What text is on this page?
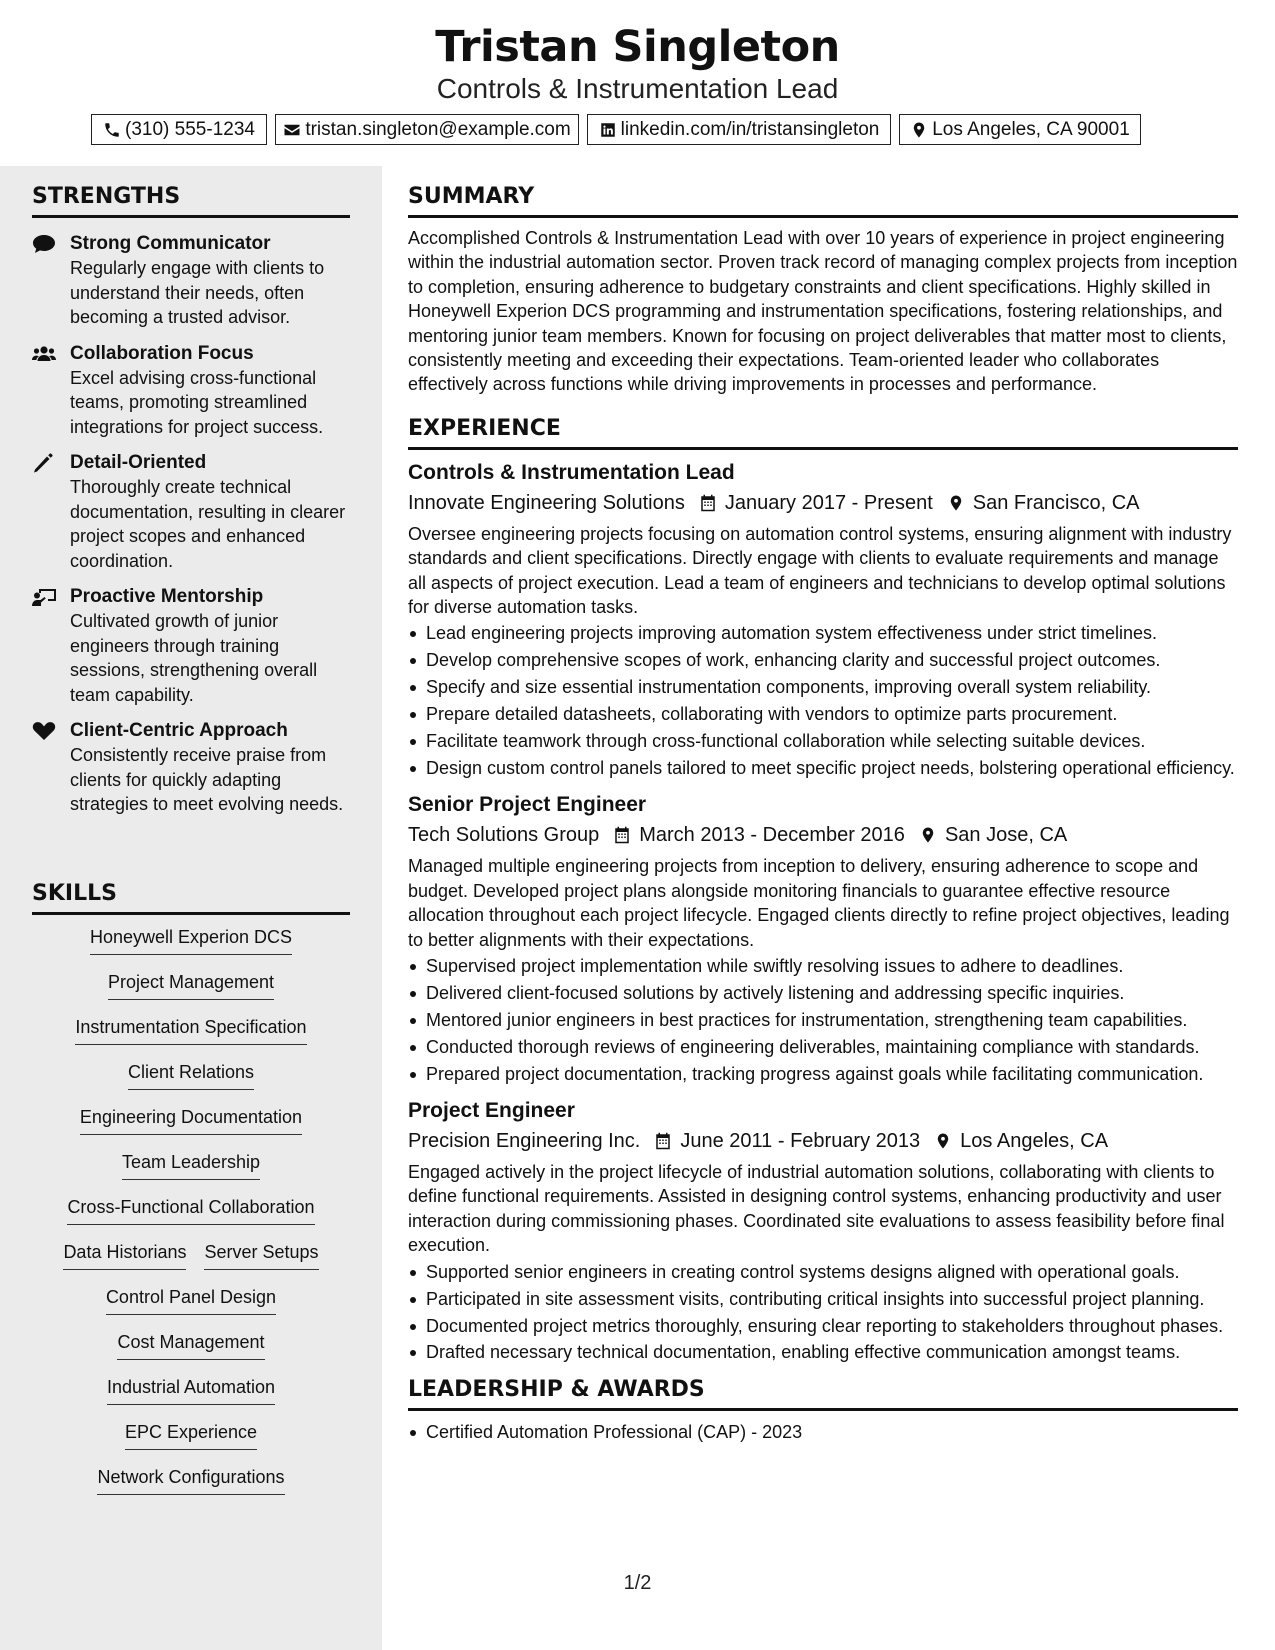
Tristan Singleton
Controls & Instrumentation Lead
(310) 555-1234	tristan.singleton@example.com	linkedin.com/in/tristansingleton	Los Angeles, CA 90001
STRENGTHS
Strong Communicator
Regularly engage with clients to understand their needs, often becoming a trusted advisor.
Collaboration Focus
Excel advising cross-functional teams, promoting streamlined integrations for project success.
Detail-Oriented
Thoroughly create technical documentation, resulting in clearer project scopes and enhanced coordination.
Proactive Mentorship
Cultivated growth of junior engineers through training sessions, strengthening overall team capability.
Client-Centric Approach
Consistently receive praise from clients for quickly adapting strategies to meet evolving needs.
SKILLS
Honeywell Experion DCS
Project Management
Instrumentation Specification
Client Relations
Engineering Documentation
Team Leadership
Cross-Functional Collaboration
Data Historians Server Setups
Control Panel Design
Cost Management
Industrial Automation
EPC Experience
Network Configurations
SUMMARY
Accomplished Controls & Instrumentation Lead with over 10 years of experience in project engineering within the industrial automation sector. Proven track record of managing complex projects from inception to completion, ensuring adherence to budgetary constraints and client specifications. Highly skilled in Honeywell Experion DCS programming and instrumentation specifications, fostering relationships, and mentoring junior team members. Known for focusing on project deliverables that matter most to clients, consistently meeting and exceeding their expectations. Team-oriented leader who collaborates effectively across functions while driving improvements in processes and performance.
EXPERIENCE
Controls & Instrumentation Lead
Innovate Engineering Solutions January 2017 - Present San Francisco, CA
Oversee engineering projects focusing on automation control systems, ensuring alignment with industry standards and client specifications. Directly engage with clients to evaluate requirements and manage all aspects of project execution. Lead a team of engineers and technicians to develop optimal solutions for diverse automation tasks.
Lead engineering projects improving automation system effectiveness under strict timelines.
Develop comprehensive scopes of work, enhancing clarity and successful project outcomes.
Specify and size essential instrumentation components, improving overall system reliability.
Prepare detailed datasheets, collaborating with vendors to optimize parts procurement.
Facilitate teamwork through cross-functional collaboration while selecting suitable devices.
Design custom control panels tailored to meet specific project needs, bolstering operational efficiency.
Senior Project Engineer
Tech Solutions Group March 2013 - December 2016 San Jose, CA
Managed multiple engineering projects from inception to delivery, ensuring adherence to scope and budget. Developed project plans alongside monitoring financials to guarantee effective resource allocation throughout each project lifecycle. Engaged clients directly to refine project objectives, leading to better alignments with their expectations.
Supervised project implementation while swiftly resolving issues to adhere to deadlines.
Delivered client-focused solutions by actively listening and addressing specific inquiries.
Mentored junior engineers in best practices for instrumentation, strengthening team capabilities.
Conducted thorough reviews of engineering deliverables, maintaining compliance with standards.
Prepared project documentation, tracking progress against goals while facilitating communication.
Project Engineer
Precision Engineering Inc. June 2011 - February 2013 Los Angeles, CA
Engaged actively in the project lifecycle of industrial automation solutions, collaborating with clients to define functional requirements. Assisted in designing control systems, enhancing productivity and user interaction during commissioning phases. Coordinated site evaluations to assess feasibility before final execution.
Supported senior engineers in creating control systems designs aligned with operational goals.
Participated in site assessment visits, contributing critical insights into successful project planning.
Documented project metrics thoroughly, ensuring clear reporting to stakeholders throughout phases.
Drafted necessary technical documentation, enabling effective communication amongst teams.
LEADERSHIP & AWARDS
Certified Automation Professional (CAP) - 2023
1/2
